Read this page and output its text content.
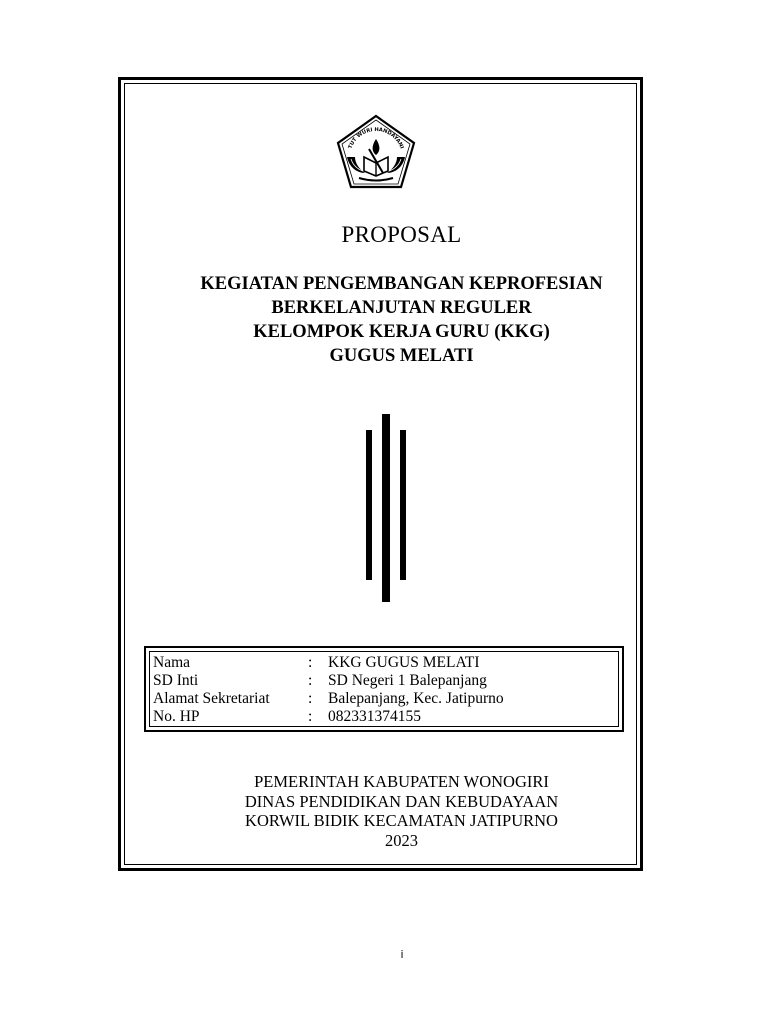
TUT WURI HANDAYANI
PROPOSAL
KEGIATAN PENGEMBANGAN KEPROFESIAN
BERKELANJUTAN REGULER
KELOMPOK KERJA GURU (KKG)
GUGUS MELATI
Nama	: KKG GUGUS MELATI
SD Inti	: SD Negeri 1 Balepanjang
Alamat Sekretariat : Balepanjang, Kec. Jatipurno
No. HP	: 082331374155
PEMERINTAH KABUPATEN WONOGIRI
DINAS PENDIDIKAN DAN KEBUDAYAAN
KORWIL BIDIK KECAMATAN JATIPURNO
2023
i
